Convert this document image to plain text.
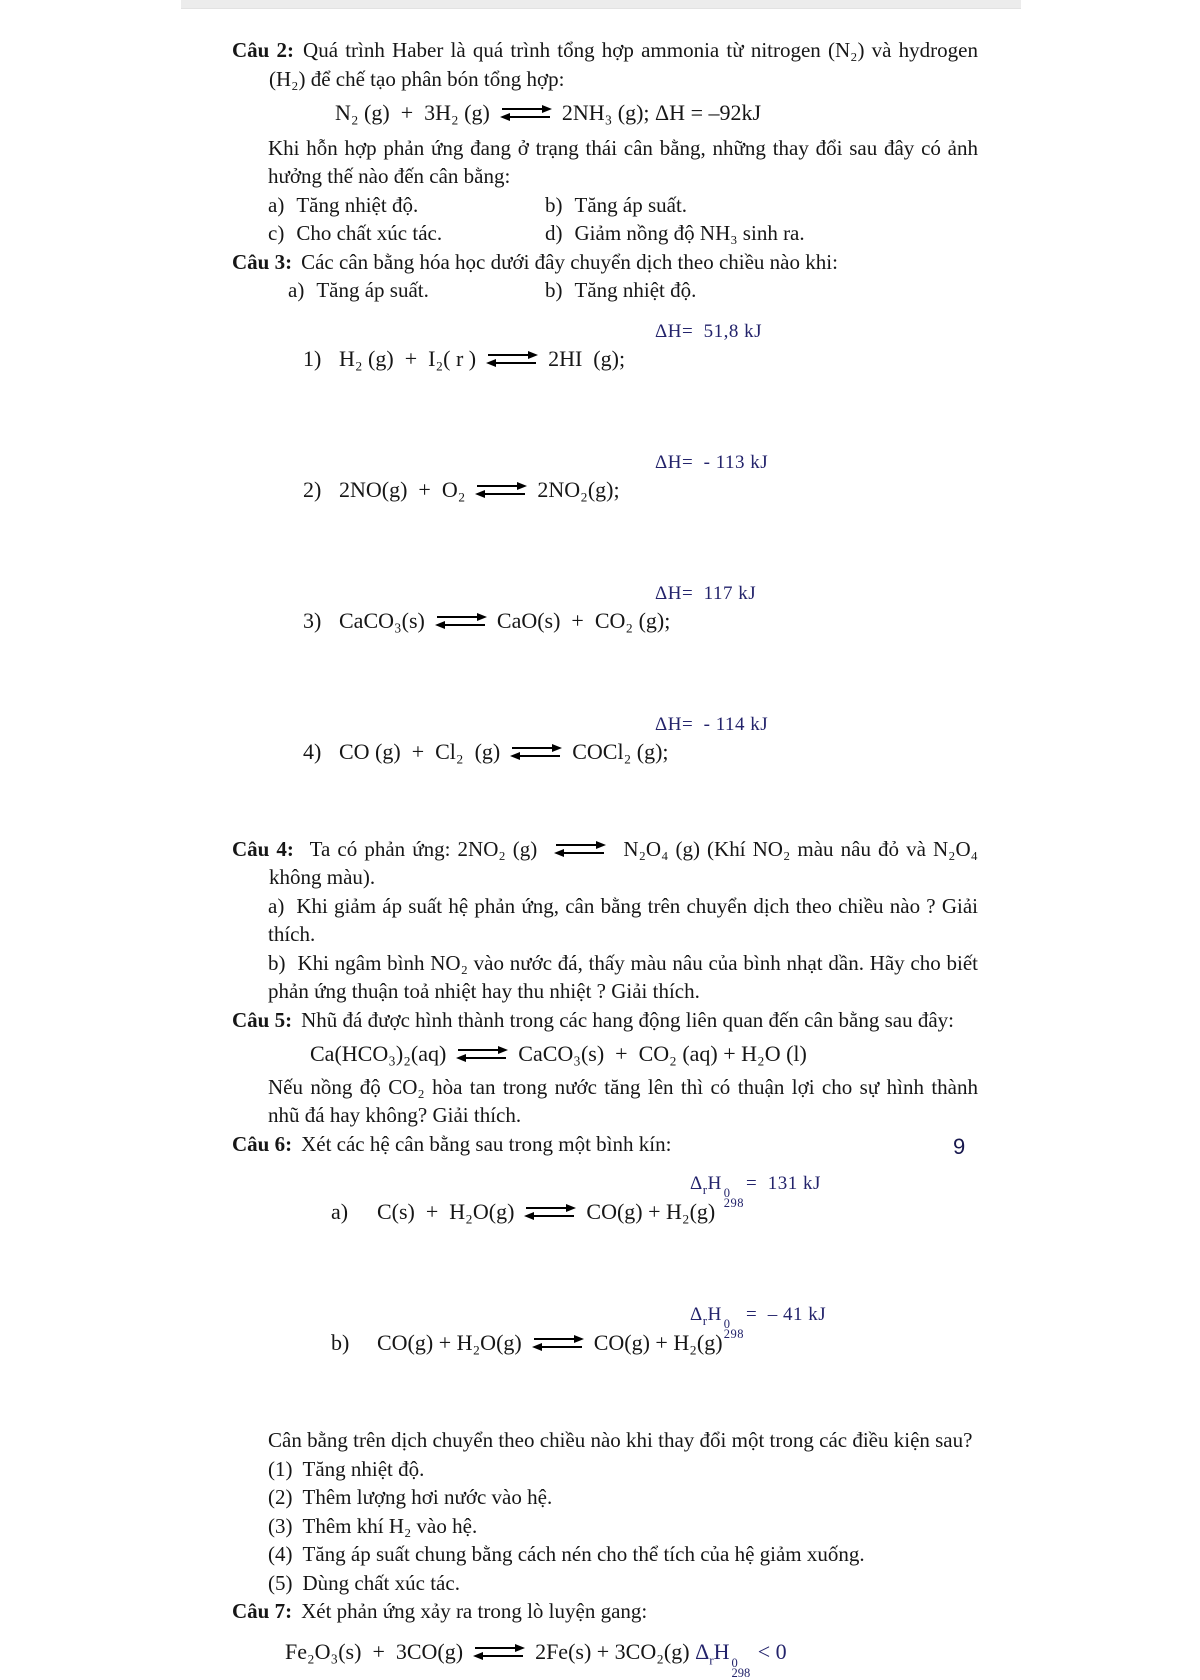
Câu 2: Quá trình Haber là quá trình tổng hợp ammonia từ nitrogen (N₂) và hydrogen (H₂) để chế tạo phân bón tổng hợp:
N₂ (g)  +  3H₂ (g)	2NH₃ (g); ΔH = –92kJ
Khi hỗn hợp phản ứng đang ở trạng thái cân bằng, những thay đổi sau đây có ảnh hưởng thế nào đến cân bằng:
a) Tăng nhiệt độ.	b) Tăng áp suất.
c) Cho chất xúc tác.	d) Giảm nồng độ NH₃ sinh ra.
Câu 3: Các cân bằng hóa học dưới đây chuyển dịch theo chiều nào khi:
a) Tăng áp suất.	b) Tăng nhiệt độ.

1) H₂ (g)  +  I₂( r )	2HI  (g);

ΔH=  51,8 kJ

2) 2NO(g)  +  O₂	2NO₂(g);

ΔH=  - 113 kJ

3) CaCO₃(s)	CaO(s)  +  CO₂ (g);

ΔH=  117 kJ

4) CO (g)  +  Cl₂  (g)	COCl₂ (g);

ΔH=  - 114 kJ

Câu 4: Ta có phản ứng: 2NO₂ (g)	N₂O₄ (g) (Khí NO₂ màu nâu đỏ và N₂O₄ không màu).
a) Khi giảm áp suất hệ phản ứng, cân bằng trên chuyển dịch theo chiều nào ? Giải thích.
b) Khi ngâm bình NO₂ vào nước đá, thấy màu nâu của bình nhạt dần. Hãy cho biết phản ứng thuận toả nhiệt hay thu nhiệt ? Giải thích.
Câu 5: Nhũ đá được hình thành trong các hang động liên quan đến cân bằng sau đây:
Ca(HCO₃)₂(aq)	CaCO₃(s)  +  CO₂ (aq) + H₂O (l)
Nếu nồng độ CO₂ hòa tan trong nước tăng lên thì có thuận lợi cho sự hình thành nhũ đá hay không? Giải thích.
Câu 6: Xét các hệ cân bằng sau trong một bình kín:

a) C(s)  +  H₂O(g)	CO(g) + H₂(g)

$\Delta_rH$ 0
298
=  131 kJ

b) CO(g) + H₂O(g)	CO(g) + H₂(g)

$\Delta_rH$ 0
298
=  – 41 kJ

Cân bằng trên dịch chuyển theo chiều nào khi thay đổi một trong các điều kiện sau?
(1) Tăng nhiệt độ.
(2) Thêm lượng hơi nước vào hệ.
(3) Thêm khí H₂ vào hệ.
(4) Tăng áp suất chung bằng cách nén cho thể tích của hệ giảm xuống.
(5) Dùng chất xúc tác.
Câu 7: Xét phản ứng xảy ra trong lò luyện gang:
Fe₂O₃(s)  +  3CO(g)	2Fe(s) + 3CO₂(g) $\Delta_rH$ 0
298
< 0
9
